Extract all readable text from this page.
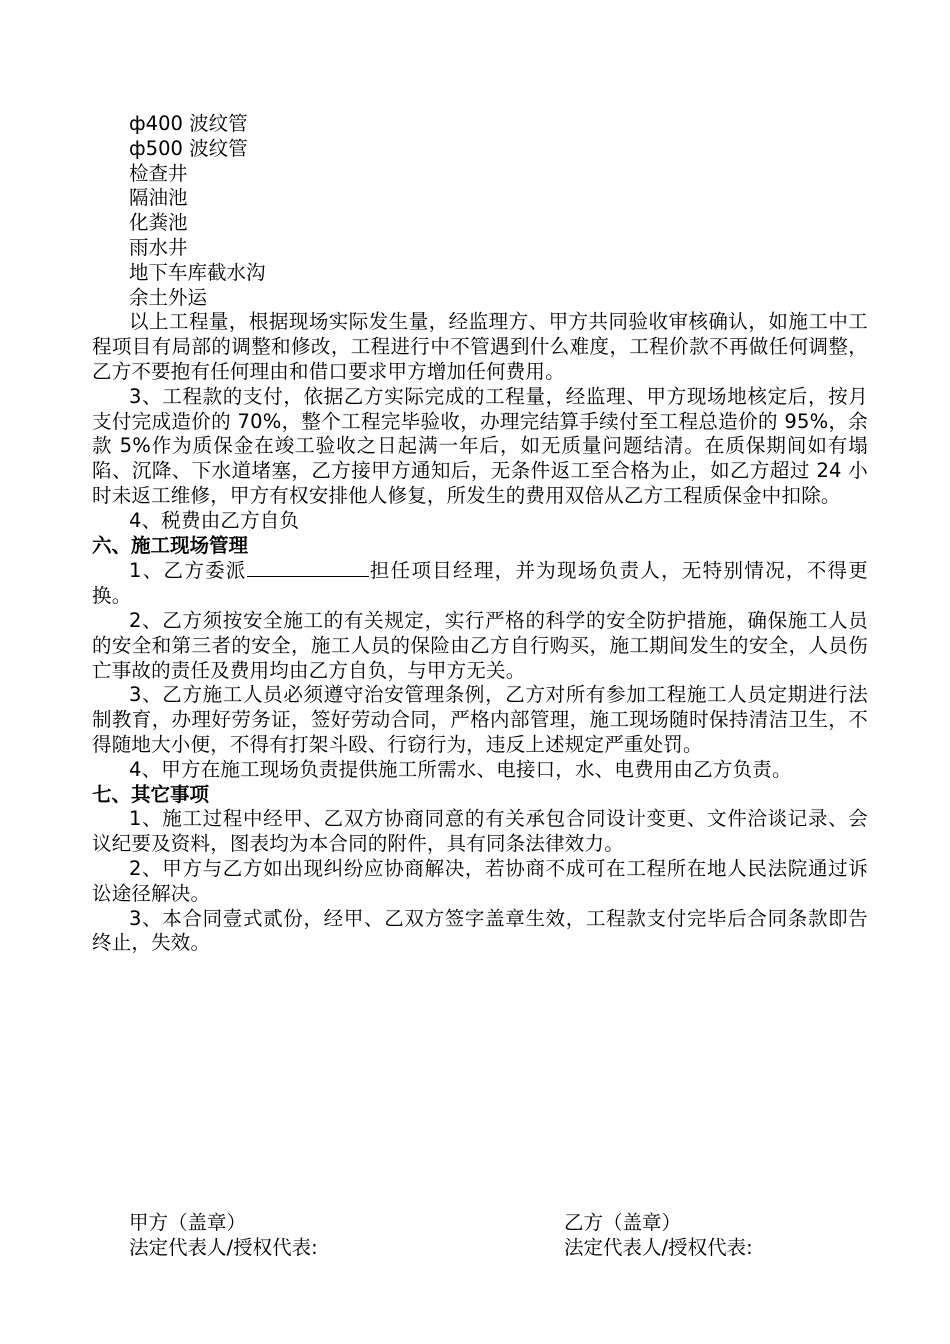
ф400 波纹管
ф500 波纹管
检查井
隔油池
化粪池
雨水井
地下车库截水沟
余土外运
以上工程量，根据现场实际发生量，经监理方、甲方共同验收审核确认，如施工中工程项目有局部的调整和修改，工程进行中不管遇到什么难度，工程价款不再做任何调整，乙方不要抱有任何理由和借口要求甲方增加任何费用。
3、工程款的支付，依据乙方实际完成的工程量，经监理、甲方现场地核定后，按月支付完成造价的 70%，整个工程完毕验收，办理完结算手续付至工程总造价的 95%，余款 5%作为质保金在竣工验收之日起满一年后，如无质量问题结清。在质保期间如有塌陷、沉降、下水道堵塞，乙方接甲方通知后，无条件返工至合格为止，如乙方超过 24 小时未返工维修，甲方有权安排他人修复，所发生的费用双倍从乙方工程质保金中扣除。
4、税费由乙方自负
六、施工现场管理
1、乙方委派	担任项目经理，并为现场负责人，无特别情况，不得更换。
2、乙方须按安全施工的有关规定，实行严格的科学的安全防护措施，确保施工人员的安全和第三者的安全，施工人员的保险由乙方自行购买，施工期间发生的安全，人员伤亡事故的责任及费用均由乙方自负，与甲方无关。
3、乙方施工人员必须遵守治安管理条例，乙方对所有参加工程施工人员定期进行法制教育，办理好劳务证，签好劳动合同，严格内部管理，施工现场随时保持清洁卫生，不得随地大小便，不得有打架斗殴、行窃行为，违反上述规定严重处罚。
4、甲方在施工现场负责提供施工所需水、电接口，水、电费用由乙方负责。
七、其它事项
1、施工过程中经甲、乙双方协商同意的有关承包合同设计变更、文件洽谈记录、会议纪要及资料，图表均为本合同的附件，具有同条法律效力。
2、甲方与乙方如出现纠纷应协商解决，若协商不成可在工程所在地人民法院通过诉讼途径解决。
3、本合同壹式贰份，经甲、乙双方签字盖章生效，工程款支付完毕后合同条款即告终止，失效。
甲方（盖章）
法定代表人/授权代表:
乙方（盖章）
法定代表人/授权代表:
